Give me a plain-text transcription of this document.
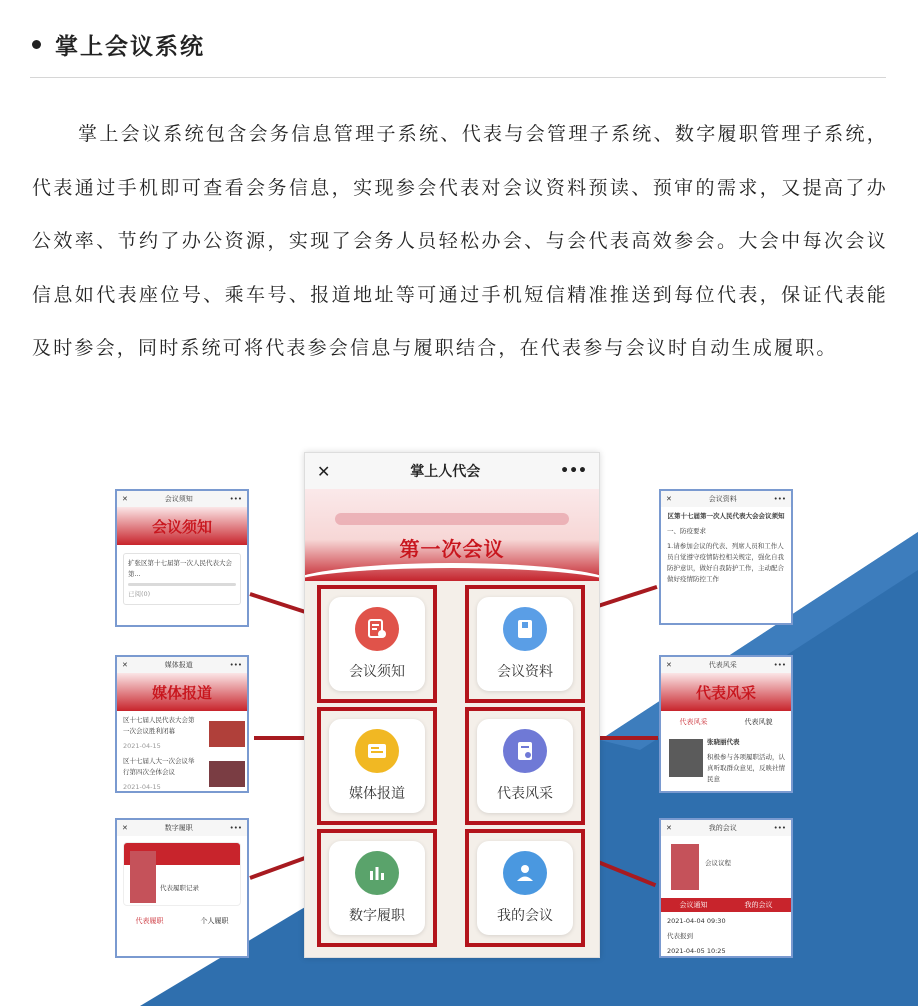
掌上会议系统

掌上会议系统包含会务信息管理子系统、代表与会管理子系统、数字履职管理子系统，代表通过手机即可查看会务信息，实现参会代表对会议资料预读、预审的需求，又提高了办公效率、节约了办公资源，实现了会务人员轻松办会、与会代表高效参会。大会中每次会议信息如代表座位号、乘车号、报道地址等可通过手机短信精准推送到每位代表，保证代表能及时参会，同时系统可将代表参会信息与履职结合，在代表参与会议时自动生成履职。

✕	会议须知	•••
会议须知
扩张区第十七届第一次人民代表大会第...
已阅(0)
✕	媒体报道	•••
媒体报道
区十七届人民代表大会第一次会议胜利闭幕
2021-04-15
区十七届人大一次会议举行第四次全体会议
2021-04-15
✕	数字履职	•••
代表履职记录
代表履职	个人履职
✕	会议资料	•••
区第十七届第一次人民代表大会会议须知
一、防疫要求
1.请参加会议的代表、列席人员和工作人员自觉遵守疫情防控相关规定，强化自我防护意识，做好自我防护工作，主动配合做好疫情防控工作
✕	代表风采	•••
代表风采
代表风采	代表风貌
张晓丽代表
积极参与各项履职活动，认真听取群众意见，反映社情民意
✕	我的会议	•••
会议议程
会议通知	我的会议
2021-04-04 09:30
代表报到
2021-04-05 10:25
✕	掌上人代会	•••
第一次会议
会议须知	会议资料
媒体报道	代表风采
数字履职	我的会议
